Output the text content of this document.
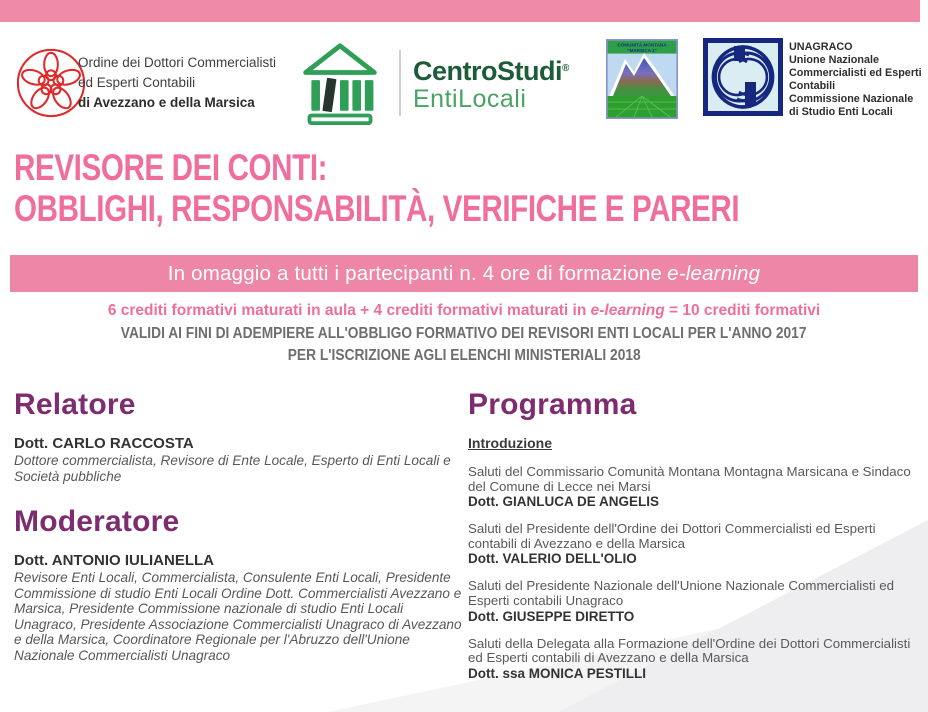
Ordine dei Dottori Commercialisti
ed Esperti Contabili
di Avezzano e della Marsica
CentroStudi®
EntiLocali
COMUNITÀ MONTANA
"MARSICA 1"	UNAGRACO
Unione Nazionale
Commercialisti ed Esperti
Contabili
Commissione Nazionale
di Studio Enti Locali
REVISORE DEI CONTI:
OBBLIGHI, RESPONSABILITÀ, VERIFICHE E PARERI
In omaggio a tutti i partecipanti n. 4 ore di formazione e-learning
6 crediti formativi maturati in aula + 4 crediti formativi maturati in e-learning = 10 crediti formativi
VALIDI AI FINI DI ADEMPIERE ALL'OBBLIGO FORMATIVO DEI REVISORI ENTI LOCALI PER L'ANNO 2017
PER L'ISCRIZIONE AGLI ELENCHI MINISTERIALI 2018
Relatore
Dott. CARLO RACCOSTA
Dottore commercialista, Revisore di Ente Locale, Esperto di Enti Locali e Società pubbliche
Moderatore
Dott. ANTONIO IULIANELLA
Revisore Enti Locali, Commercialista, Consulente Enti Locali, Presidente Commissione di studio Enti Locali Ordine Dott. Commercialisti Avezzano e Marsica, Presidente Commissione nazionale di studio Enti Locali Unagraco, Presidente Associazione Commercialisti Unagraco di Avezzano e della Marsica, Coordinatore Regionale per l'Abruzzo dell'Unione Nazionale Commercialisti Unagraco
Programma
Introduzione
Saluti del Commissario Comunità Montana Montagna Marsicana e Sindaco del Comune di Lecce nei Marsi
Dott. GIANLUCA DE ANGELIS
Saluti del Presidente dell'Ordine dei Dottori Commercialisti ed Esperti contabili di Avezzano e della Marsica
Dott. VALERIO DELL'OLIO
Saluti del Presidente Nazionale dell'Unione Nazionale Commercialisti ed Esperti contabili Unagraco
Dott. GIUSEPPE DIRETTO
Saluti della Delegata alla Formazione dell'Ordine dei Dottori Commercialisti ed Esperti contabili di Avezzano e della Marsica
Dott. ssa MONICA PESTILLI
